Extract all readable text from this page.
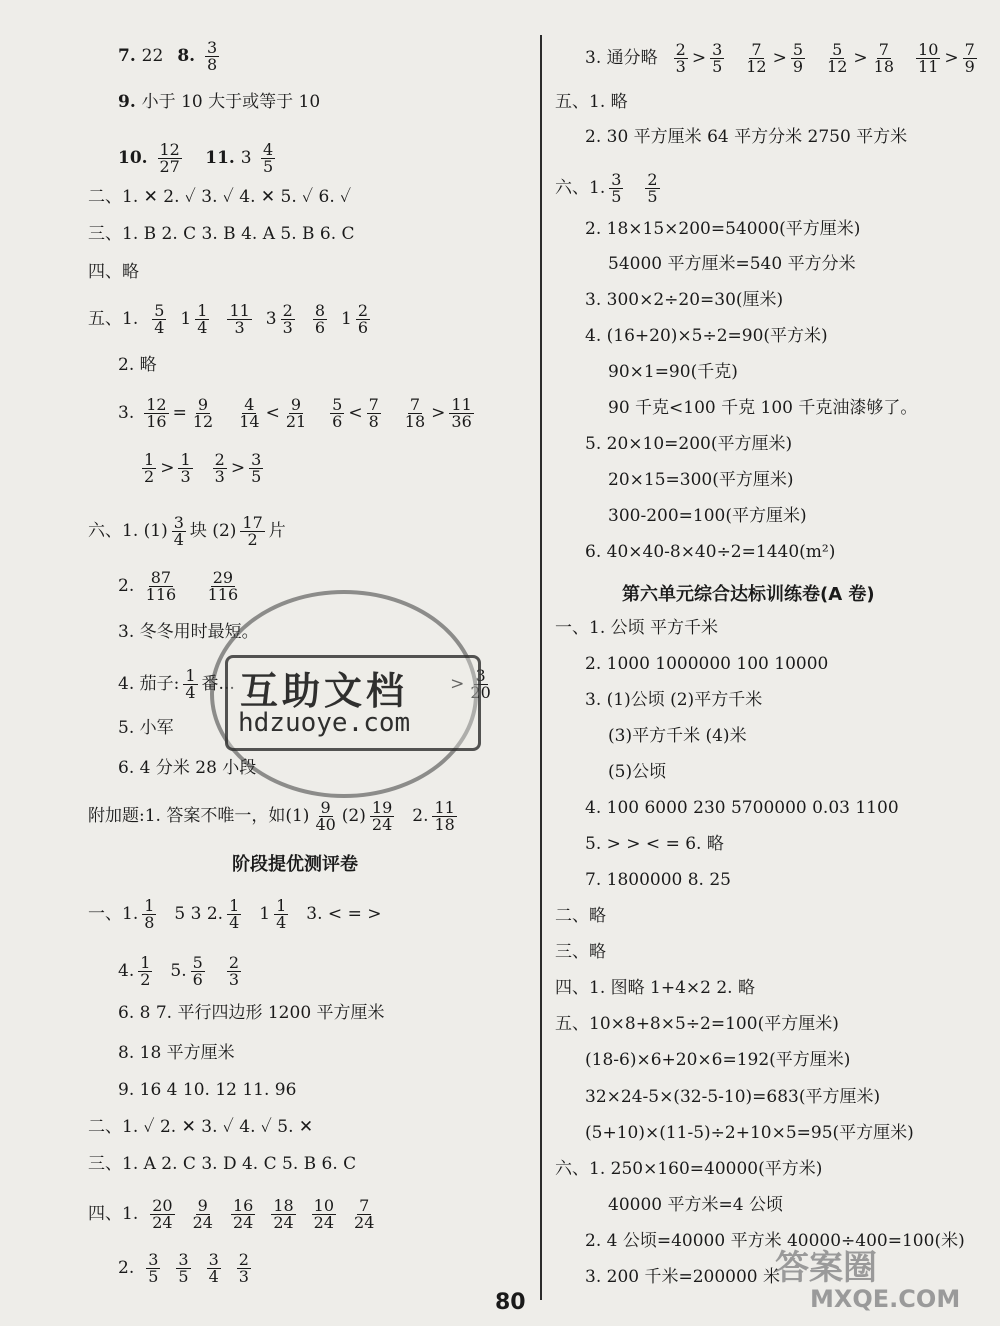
7. 22 8. $\frac{3}{8}$
9. 小于 10 大于或等于 10
10. $\frac{12}{27} 11$. $3 \frac{4}{5}$
二、1. ✕ 2. ✓ 3. ✓ 4. ✕ 5. ✓ 6. ✓
三、1. B 2. C 3. B 4. A 5. B 6. C
四、略
五、1. $\frac{5}{4} 1 \frac{1}{4} \frac{11}{3} 3 \frac{2}{3} \frac{8}{6} 1 \frac{2}{6}$
2. 略
3. $\frac{12}{16} = \frac{9}{12} \frac{4}{14} < \frac{9}{21} \frac{5}{6} < \frac{7}{8} \frac{7}{18} > \frac{11}{36}$
$\frac{1}{2} > \frac{1}{3} \frac{2}{3} > \frac{3}{5}$
六、1. $(1) \frac{3}{4}$ 块 $(2) \frac{17}{2}$ 片
2. $\frac{87}{116}$
$\frac{29}{116}$
3. 冬冬用时最短。
4. 茄子: $\frac{1}{4}$ 番...	> $\frac{3}{20}$
5. 小军
6. 4 分米 28 小段
附加题:1. 答案不唯一，如$(1) \frac{9}{40} (2) \frac{19}{24} 2$. $\frac{11}{18}$
阶段提优测评卷
一、1. $\frac{1}{8} 5$ 3 2. $\frac{1}{4} 1 \frac{1}{4} 3$. < = >
4. $\frac{1}{2} 5$. $\frac{5}{6} \frac{2}{3}$
6. 8 7. 平行四边形 1200 平方厘米
8. 18 平方厘米
9. 16 4 10. 12 11. 96
二、1. ✓ 2. ✕ 3. ✓ 4. ✓ 5. ✕
三、1. A 2. C 3. D 4. C 5. B 6. C
四、1. $\frac{20}{24} \frac{9}{24} \frac{16}{24} \frac{18}{24} \frac{10}{24} \frac{7}{24}$
2. $\frac{3}{5} \frac{3}{5} \frac{3}{4} \frac{2}{3}$
3. 通分略 $\frac{2}{3} > \frac{3}{5} \frac{7}{12} > \frac{5}{9} \frac{5}{12} > \frac{7}{18} \frac{10}{11} > \frac{7}{9}$
五、1. 略
2. 30 平方厘米 64 平方分米 2750 平方米
六、1. $\frac{3}{5} \frac{2}{5}$
2. 18×15×200=54000(平方厘米)
54000 平方厘米=540 平方分米
3. 300×2÷20=30(厘米)
4. (16+20)×5÷2=90(平方米)
90×1=90(千克)
90 千克<100 千克 100 千克油漆够了。
5. 20×10=200(平方厘米)
20×15=300(平方厘米)
300-200=100(平方厘米)
6. 40×40-8×40÷2=1440(m²)
第六单元综合达标训练卷(A 卷)
一、1. 公顷 平方千米
2. 1000 1000000 100 10000
3. (1)公顷 (2)平方千米
(3)平方千米 (4)米
(5)公顷
4. 100 6000 230 5700000 0.03 1100
5. > > < = 6. 略
7. 1800000 8. 25
二、略
三、略
四、1. 图略 1+4×2 2. 略
五、10×8+8×5÷2=100(平方厘米)
(18-6)×6+20×6=192(平方厘米)
32×24-5×(32-5-10)=683(平方厘米)
(5+10)×(11-5)÷2+10×5=95(平方厘米)
六、1. 250×160=40000(平方米)
40000 平方米=4 公顷
2. 4 公顷=40000 平方米 40000÷400=100(米)
3. 200 千米=200000 米
互助文档
hdzuoye.com
80
答案圈
MXQE.COM
